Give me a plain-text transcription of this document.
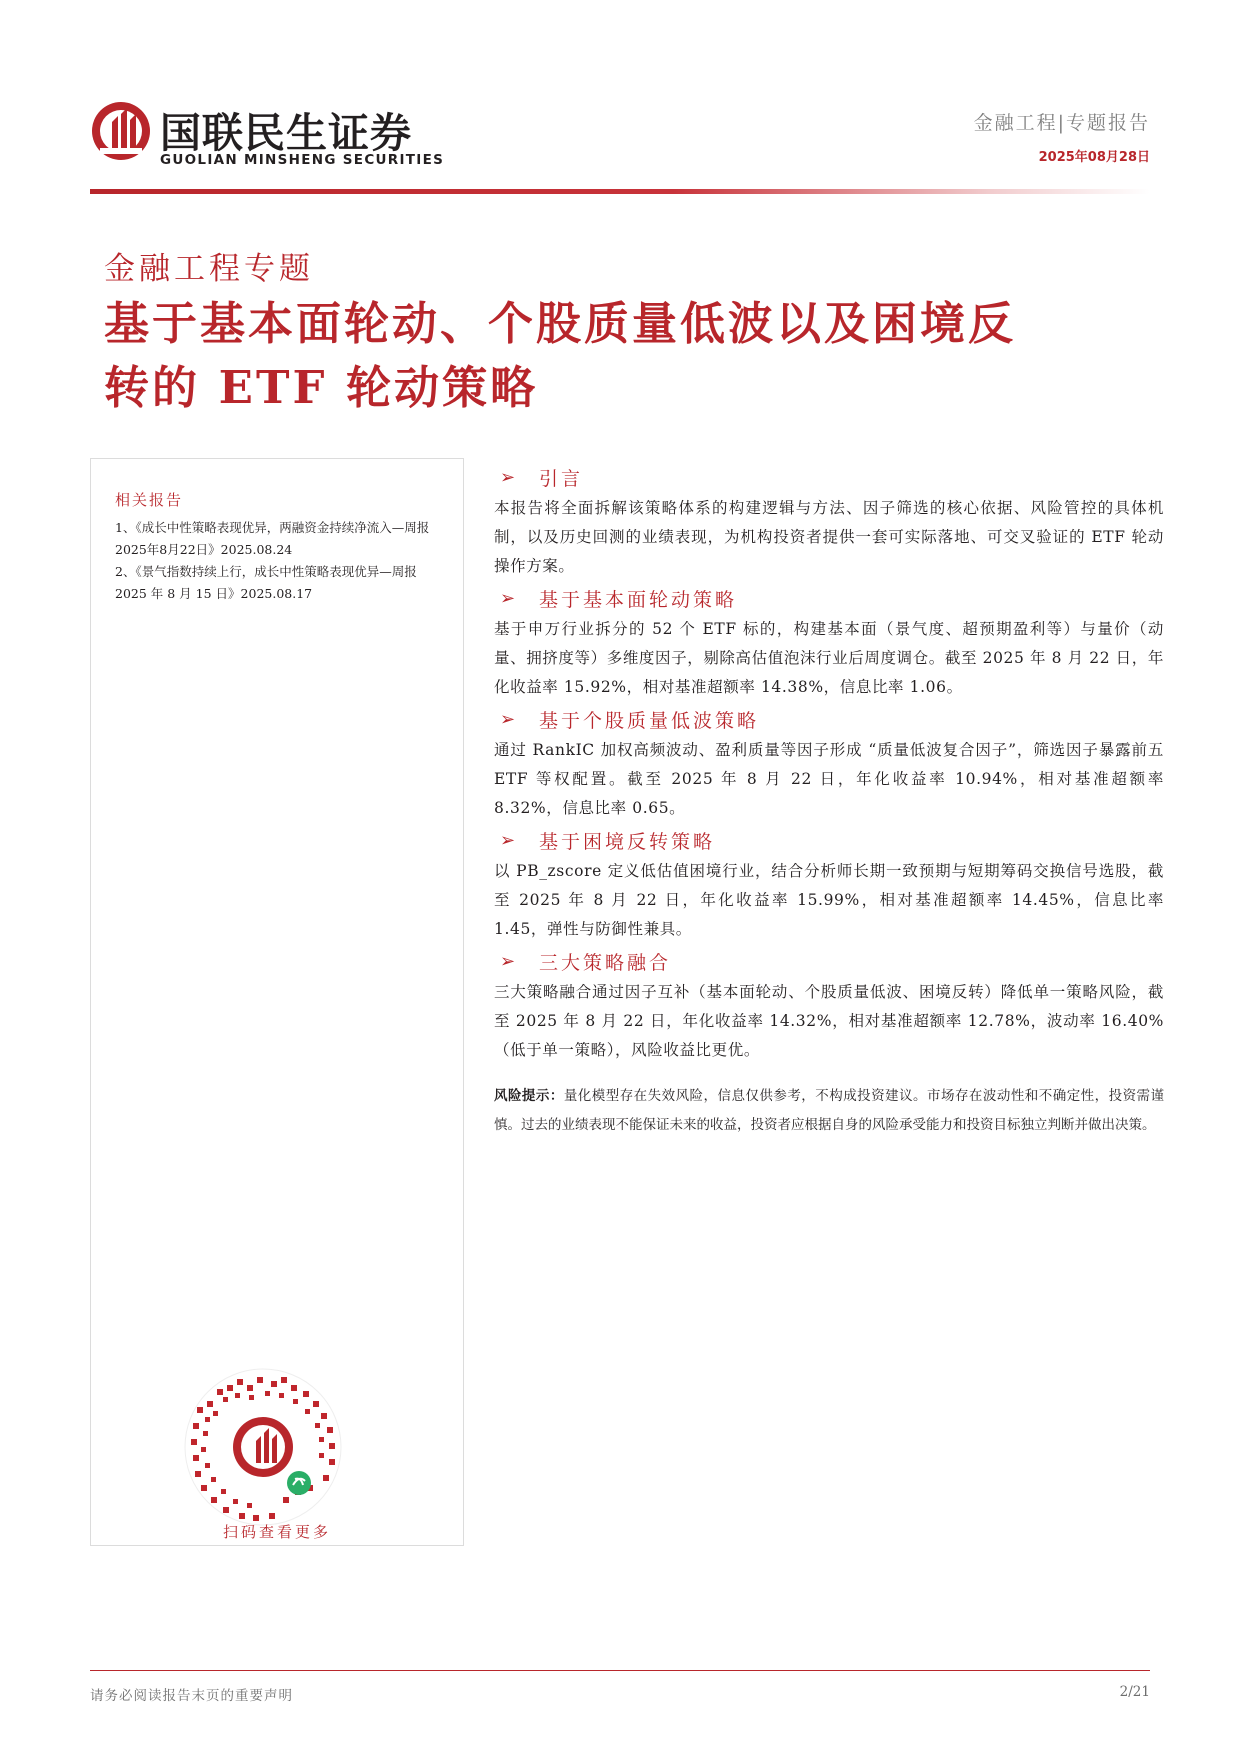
国联民生证券
GUOLIAN MINSHENG SECURITIES
金融工程|专题报告
2025年08月28日
金融工程专题
基于基本面轮动、个股质量低波以及困境反
转的 ETF 轮动策略
相关报告
1、《成长中性策略表现优异，两融资金持续净流入—周报2025年8月22日》2025.08.24
2、《景气指数持续上行，成长中性策略表现优异—周报 2025 年 8 月 15 日》2025.08.17
扫码查看更多
➢ 引言

本报告将全面拆解该策略体系的构建逻辑与方法、因子筛选的核心依据、风险管控的具体机制，以及历史回测的业绩表现，为机构投资者提供一套可实际落地、可交叉验证的 ETF 轮动操作方案。

➢ 基于基本面轮动策略

基于申万行业拆分的 52 个 ETF 标的，构建基本面（景气度、超预期盈利等）与量价（动量、拥挤度等）多维度因子，剔除高估值泡沫行业后周度调仓。截至 2025 年 8 月 22 日，年化收益率 15.92%，相对基准超额率 14.38%，信息比率 1.06。

➢ 基于个股质量低波策略

通过 RankIC 加权高频波动、盈利质量等因子形成 “质量低波复合因子”，筛选因子暴露前五 ETF 等权配置。截至 2025 年 8 月 22 日，年化收益率 10.94%，相对基准超额率 8.32%，信息比率 0.65。

➢ 基于困境反转策略

以 PB_zscore 定义低估值困境行业，结合分析师长期一致预期与短期筹码交换信号选股，截至 2025 年 8 月 22 日，年化收益率 15.99%，相对基准超额率 14.45%，信息比率 1.45，弹性与防御性兼具。

➢ 三大策略融合

三大策略融合通过因子互补（基本面轮动、个股质量低波、困境反转）降低单一策略风险，截至 2025 年 8 月 22 日，年化收益率 14.32%，相对基准超额率 12.78%，波动率 16.40%（低于单一策略），风险收益比更优。

风险提示：量化模型存在失效风险，信息仅供参考，不构成投资建议。市场存在波动性和不确定性，投资需谨慎。过去的业绩表现不能保证未来的收益，投资者应根据自身的风险承受能力和投资目标独立判断并做出决策。
请务必阅读报告末页的重要声明	2/21
